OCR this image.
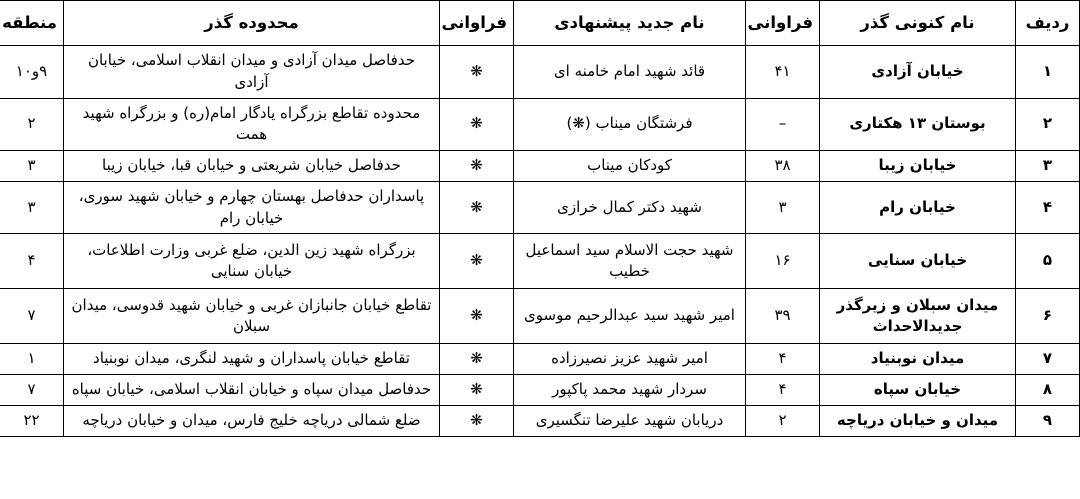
ردیف	نام کنونی گذر	فراوانی	نام جدید پیشنهادی	فراوانی	محدوده گذر	منطقه
۱	خیابان آزادی	۴۱	قائد شهید امام خامنه ای	❋	حدفاصل میدان آزادی و میدان انقلاب اسلامی، خیابان آزادی	۹و۱۰
۲	بوستان ۱۳ هکتاری	–	فرشتگان میناب (❋)	❋	محدوده تقاطع بزرگراه یادگار امام(ره) و بزرگراه شهید همت	۲
۳	خیابان زیبا	۳۸	کودکان میناب	❋	حدفاصل خیابان شریعتی و خیابان قبا، خیابان زیبا	۳
۴	خیابان رام	۳	شهید دکتر کمال خرازی	❋	پاسداران حدفاصل بهستان چهارم و خیابان شهید سوری، خیابان رام	۳
۵	خیابان سنایی	۱۶	شهید حجت الاسلام سید اسماعیل خطیب	❋	بزرگراه شهید زین الدین، ضلع غربی وزارت اطلاعات، خیابان سنایی	۴
۶	میدان سبلان و زیرگذر جدیدالاحداث	۳۹	امیر شهید سید عبدالرحیم موسوی	❋	تقاطع خیابان جانبازان غربی و خیابان شهید قدوسی، میدان سبلان	۷
۷	میدان نوبنیاد	۴	امیر شهید عزیز نصیرزاده	❋	تقاطع خیابان پاسداران و شهید لنگری، میدان نوبنیاد	۱
۸	خیابان سپاه	۴	سردار شهید محمد پاکپور	❋	حدفاصل میدان سپاه و خیابان انقلاب اسلامی، خیابان سپاه	۷
۹	میدان و خیابان دریاچه	۲	دریابان شهید علیرضا تنگسیری	❋	ضلع شمالی دریاچه خلیج فارس، میدان و خیابان دریاچه	۲۲
